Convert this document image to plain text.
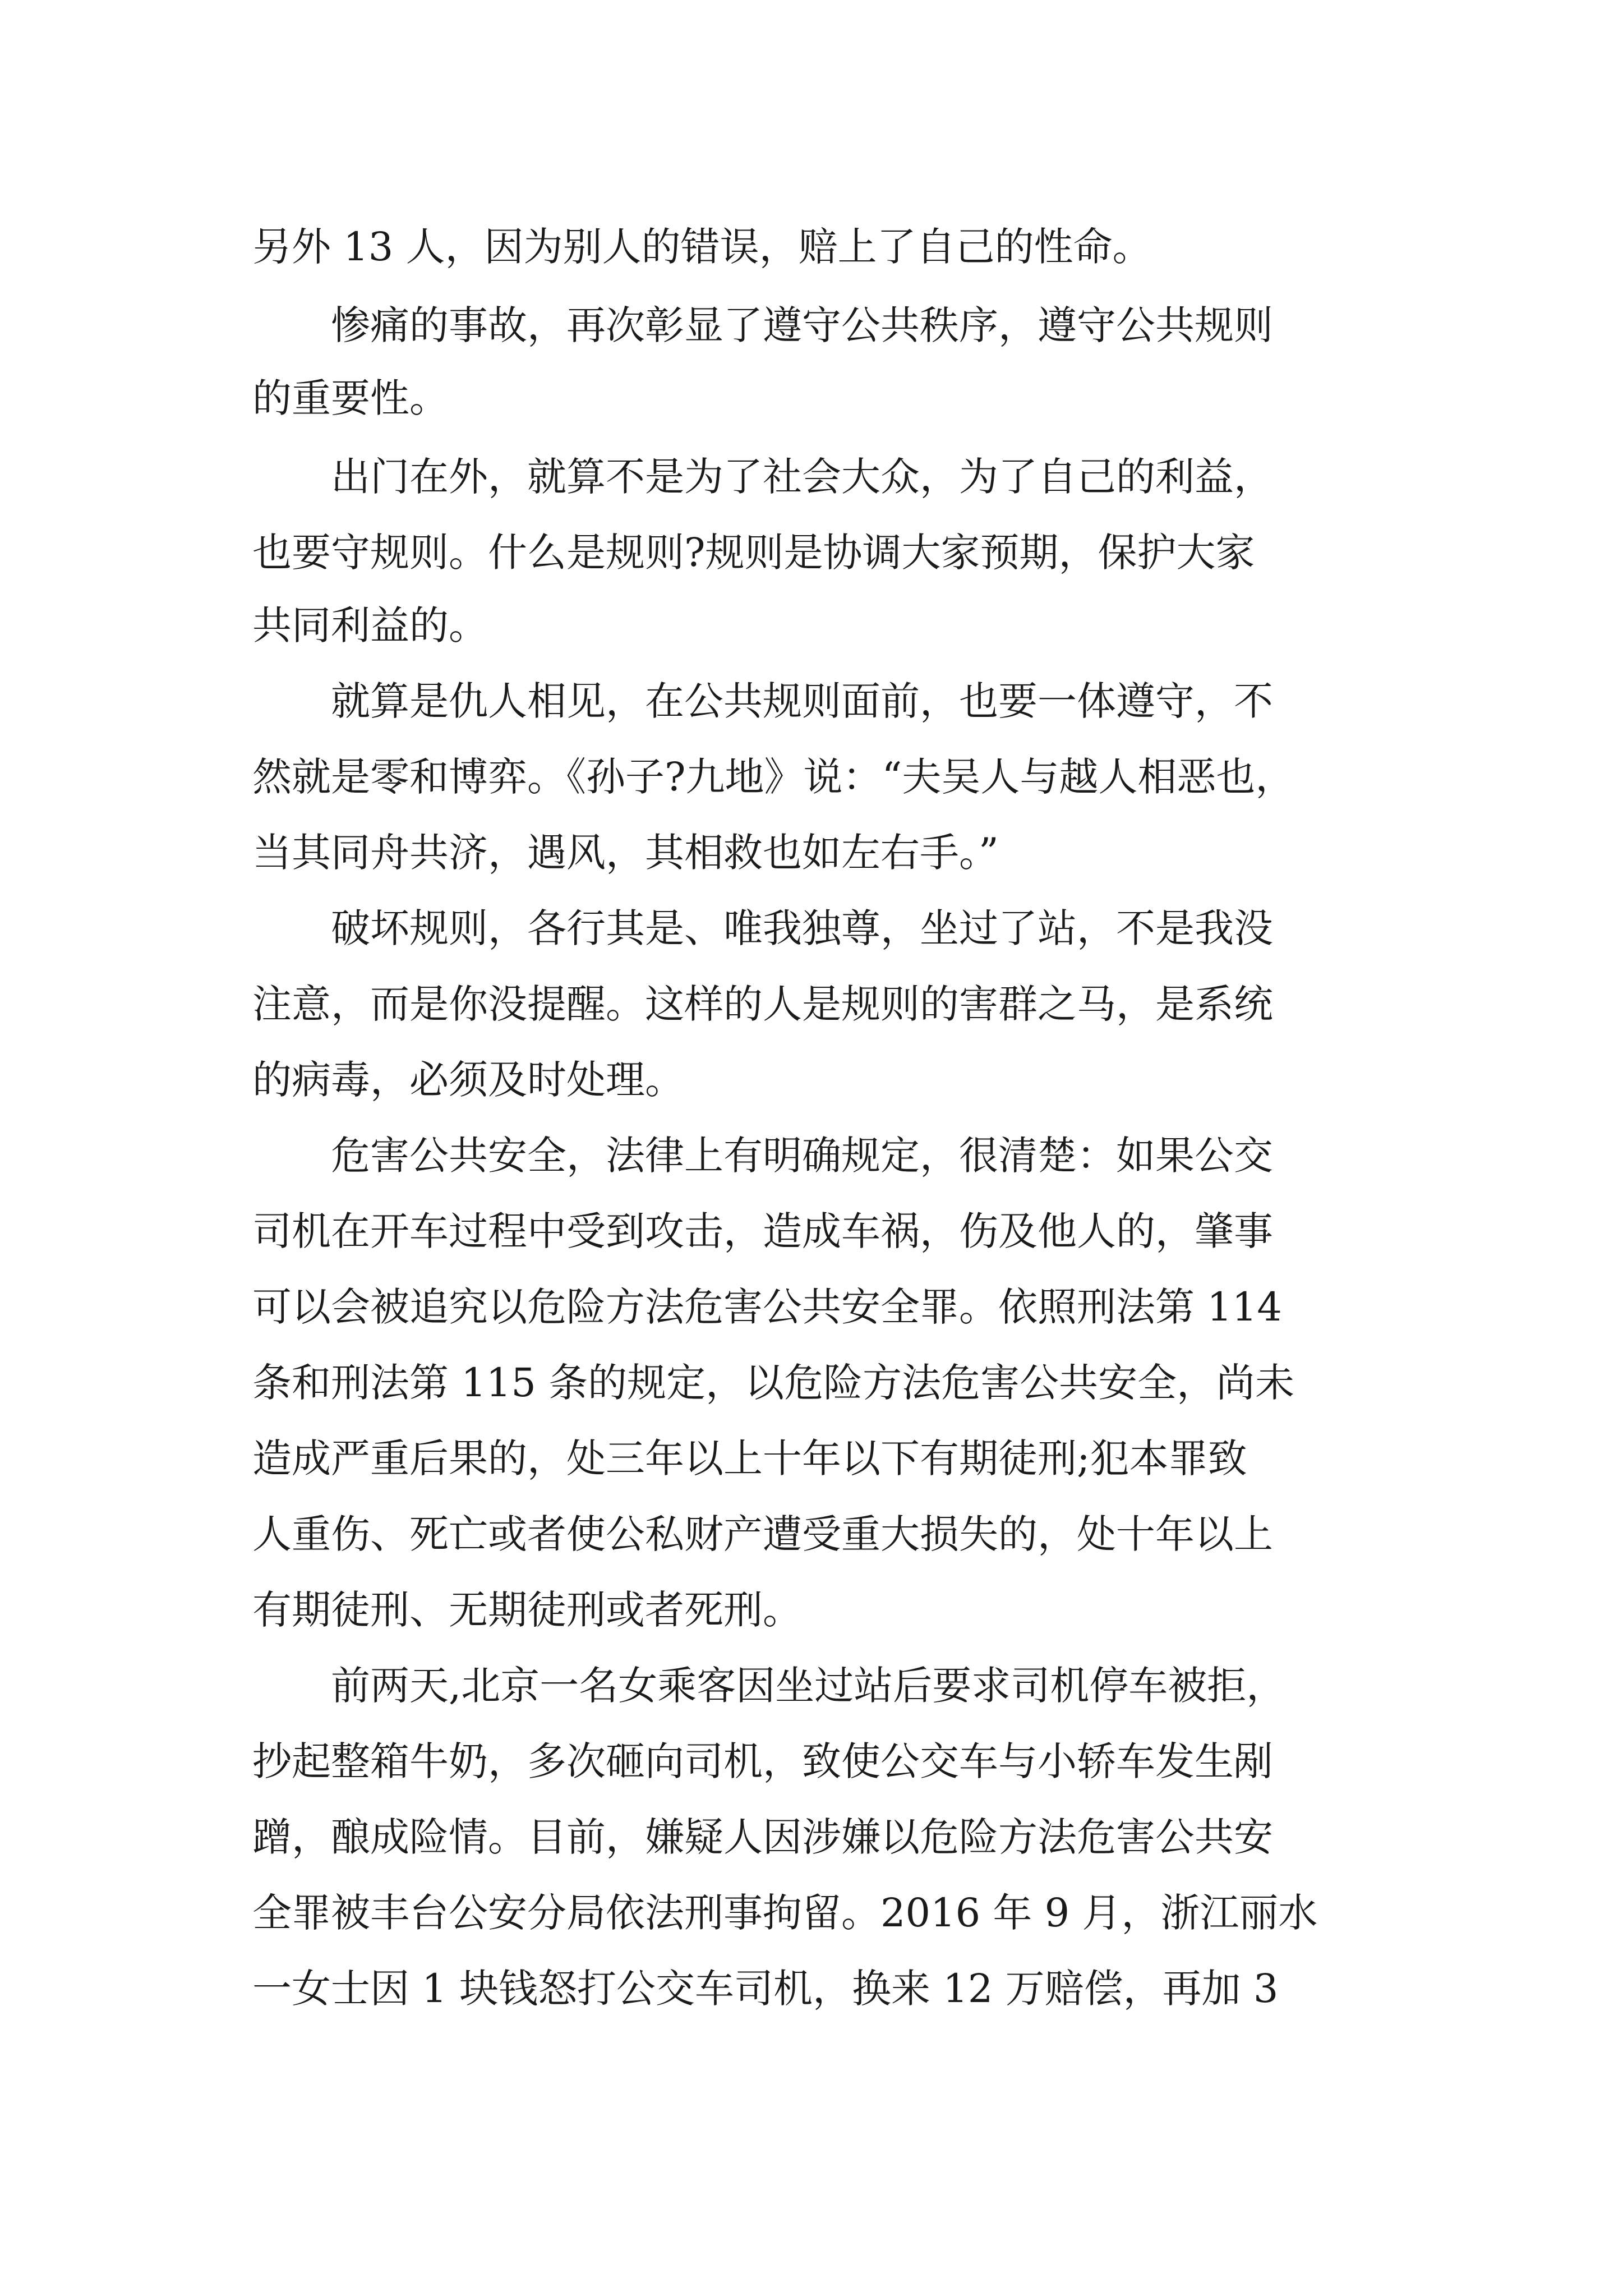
另外 13 人，因为别人的错误，赔上了自己的性命。
惨痛的事故，再次彰显了遵守公共秩序，遵守公共规则
的重要性。
出门在外，就算不是为了社会大众，为了自己的利益，
也要守规则。什么是规则?规则是协调大家预期，保护大家
共同利益的。
就算是仇人相见，在公共规则面前，也要一体遵守，不
然就是零和博弈。《孙子?九地》说：“夫吴人与越人相恶也，
当其同舟共济，遇风，其相救也如左右手。”
破坏规则，各行其是、唯我独尊，坐过了站，不是我没
注意，而是你没提醒。这样的人是规则的害群之马，是系统
的病毒，必须及时处理。
危害公共安全，法律上有明确规定，很清楚：如果公交
司机在开车过程中受到攻击，造成车祸，伤及他人的，肇事
可以会被追究以危险方法危害公共安全罪。依照刑法第 114
条和刑法第 115 条的规定，以危险方法危害公共安全，尚未
造成严重后果的，处三年以上十年以下有期徒刑;犯本罪致
人重伤、死亡或者使公私财产遭受重大损失的，处十年以上
有期徒刑、无期徒刑或者死刑。
前两天,北京一名女乘客因坐过站后要求司机停车被拒，
抄起整箱牛奶，多次砸向司机，致使公交车与小轿车发生剐
蹭，酿成险情。目前，嫌疑人因涉嫌以危险方法危害公共安
全罪被丰台公安分局依法刑事拘留。2016 年 9 月，浙江丽水
一女士因 1 块钱怒打公交车司机，换来 12 万赔偿，再加 3
